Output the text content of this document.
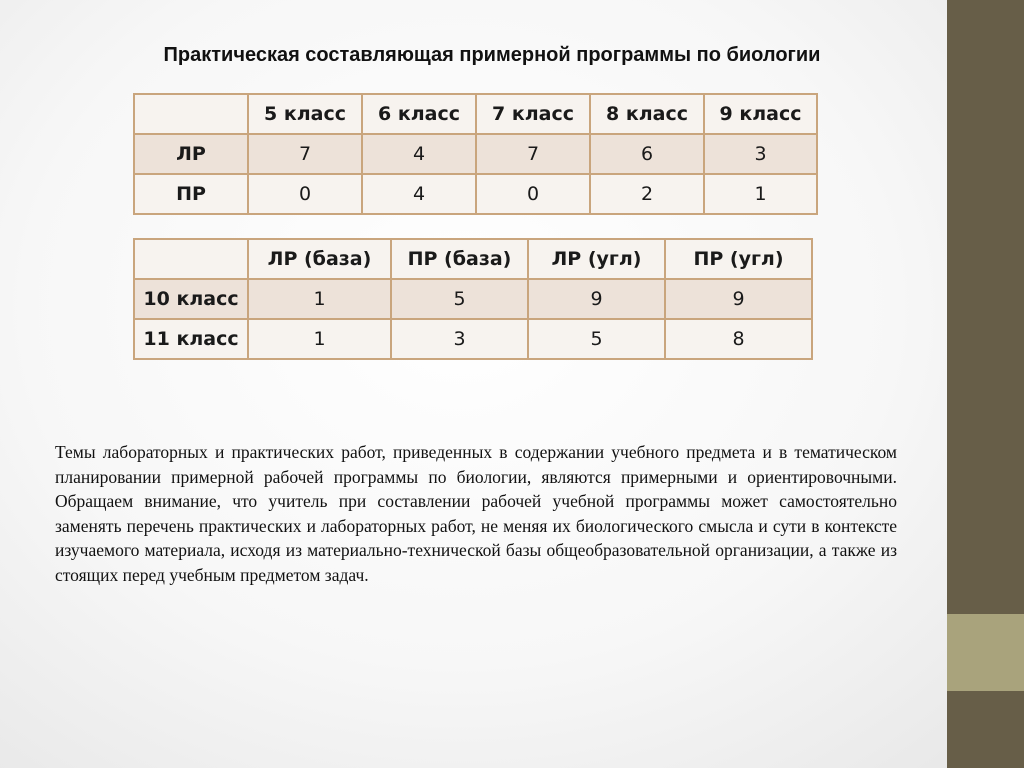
Практическая составляющая примерной программы по биологии
	5 класс	6 класс	7 класс	8 класс	9 класс
ЛР	7	4	7	6	3
ПР	0	4	0	2	1
	ЛР (база)	ПР (база)	ЛР (угл)	ПР (угл)
10 класс	1	5	9	9
11 класс	1	3	5	8

Темы лабораторных и практических работ, приведенных в содержании учебного предмета и в тематическом планировании примерной рабочей программы по биологии, являются примерными и ориентировочными. Обращаем внимание, что учитель при составлении рабочей учебной программы может самостоятельно заменять перечень практических и лабораторных работ, не меняя их биологического смысла и сути в контексте изучаемого материала, исходя из материально-технической базы общеобразовательной организации, а также из стоящих перед учебным предметом задач.
